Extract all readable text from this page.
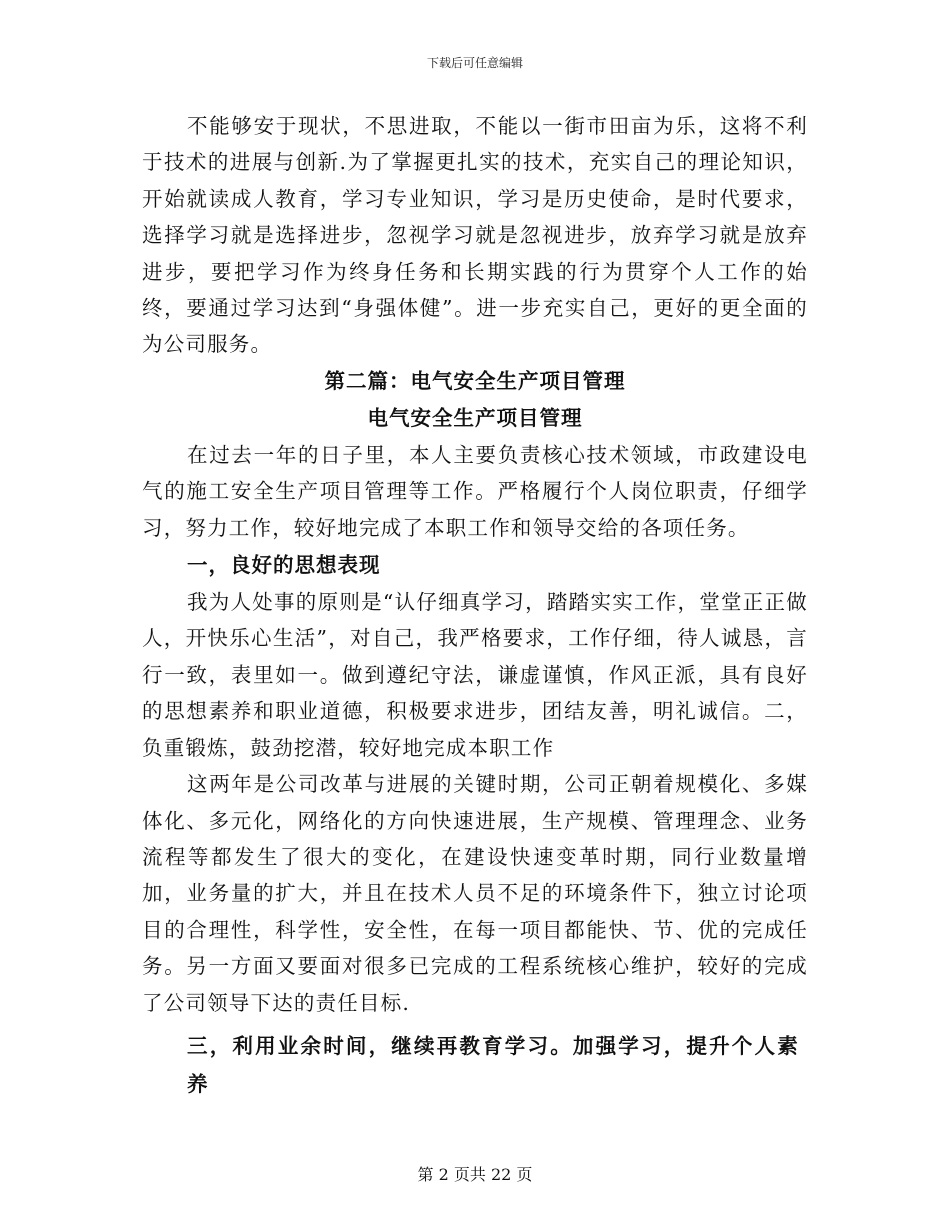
下载后可任意编辑

不能够安于现状，不思进取，不能以一街市田亩为乐，这将不利于技术的进展与创新.为了掌握更扎实的技术，充实自己的理论知识，开始就读成人教育，学习专业知识，学习是历史使命，是时代要求，选择学习就是选择进步，忽视学习就是忽视进步，放弃学习就是放弃进步，要把学习作为终身任务和长期实践的行为贯穿个人工作的始终，要通过学习达到“身强体健”。进一步充实自己，更好的更全面的为公司服务。

第二篇：电气安全生产项目管理

电气安全生产项目管理

在过去一年的日子里，本人主要负责核心技术领域，市政建设电气的施工安全生产项目管理等工作。严格履行个人岗位职责，仔细学习，努力工作，较好地完成了本职工作和领导交给的各项任务。

一，良好的思想表现

我为人处事的原则是“认仔细真学习，踏踏实实工作，堂堂正正做人，开快乐心生活”，对自己，我严格要求，工作仔细，待人诚恳，言行一致，表里如一。做到遵纪守法，谦虚谨慎，作风正派，具有良好的思想素养和职业道德，积极要求进步，团结友善，明礼诚信。二，负重锻炼，鼓劲挖潜，较好地完成本职工作

这两年是公司改革与进展的关键时期，公司正朝着规模化、多媒体化、多元化，网络化的方向快速进展，生产规模、管理理念、业务流程等都发生了很大的变化，在建设快速变革时期，同行业数量增加，业务量的扩大，并且在技术人员不足的环境条件下，独立讨论项目的合理性，科学性，安全性，在每一项目都能快、节、优的完成任务。另一方面又要面对很多已完成的工程系统核心维护，较好的完成了公司领导下达的责任目标.

三，利用业余时间，继续再教育学习。加强学习，提升个人素养

第 2 页共 22 页
